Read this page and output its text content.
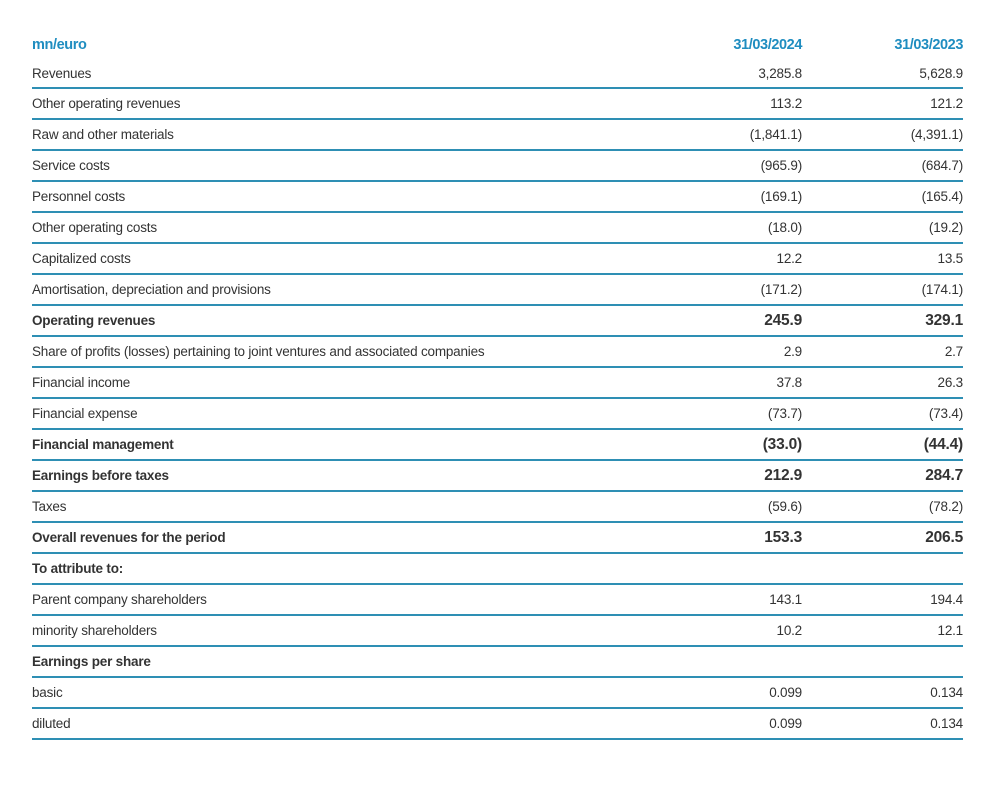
mn/euro	31/03/2024	31/03/2023
Revenues	3,285.8	5,628.9
Other operating revenues	113.2	121.2
Raw and other materials	(1,841.1)	(4,391.1)
Service costs	(965.9)	(684.7)
Personnel costs	(169.1)	(165.4)
Other operating costs	(18.0)	(19.2)
Capitalized costs	12.2	13.5
Amortisation, depreciation and provisions	(171.2)	(174.1)
Operating revenues	245.9	329.1
Share of profits (losses) pertaining to joint ventures and associated companies	2.9	2.7
Financial income	37.8	26.3
Financial expense	(73.7)	(73.4)
Financial management	(33.0)	(44.4)
Earnings before taxes	212.9	284.7
Taxes	(59.6)	(78.2)
Overall revenues for the period	153.3	206.5
To attribute to:
Parent company shareholders	143.1	194.4
minority shareholders	10.2	12.1
Earnings per share
basic	0.099	0.134
diluted	0.099	0.134
